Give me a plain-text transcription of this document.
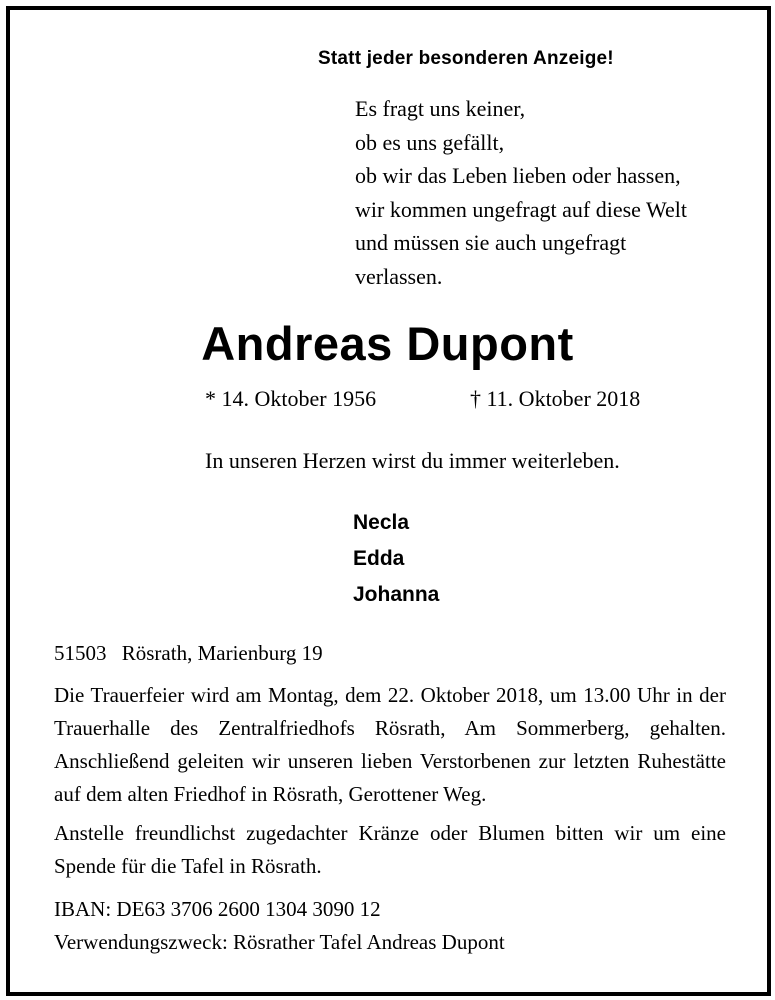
Statt jeder besonderen Anzeige!
Es fragt uns keiner,
ob es uns gefällt,
ob wir das Leben lieben oder hassen,
wir kommen ungefragt auf diese Welt
und müssen sie auch ungefragt
verlassen.
Andreas Dupont
* 14. Oktober 1956	† 11. Oktober 2018
In unseren Herzen wirst du immer weiterleben.
Necla
Edda
Johanna
51503 Rösrath, Marienburg 19

Die Trauerfeier wird am Montag, dem 22. Oktober 2018, um 13.00 Uhr in der Trauerhalle des Zentralfriedhofs Rösrath, Am Sommerberg, gehalten. Anschließend geleiten wir unseren lieben Verstorbenen zur letzten Ruhestätte auf dem alten Friedhof in Rösrath, Gerottener Weg.

Anstelle freundlichst zugedachter Kränze oder Blumen bitten wir um eine Spende für die Tafel in Rösrath.

IBAN: DE63 3706 2600 1304 3090 12
Verwendungszweck: Rösrather Tafel Andreas Dupont
